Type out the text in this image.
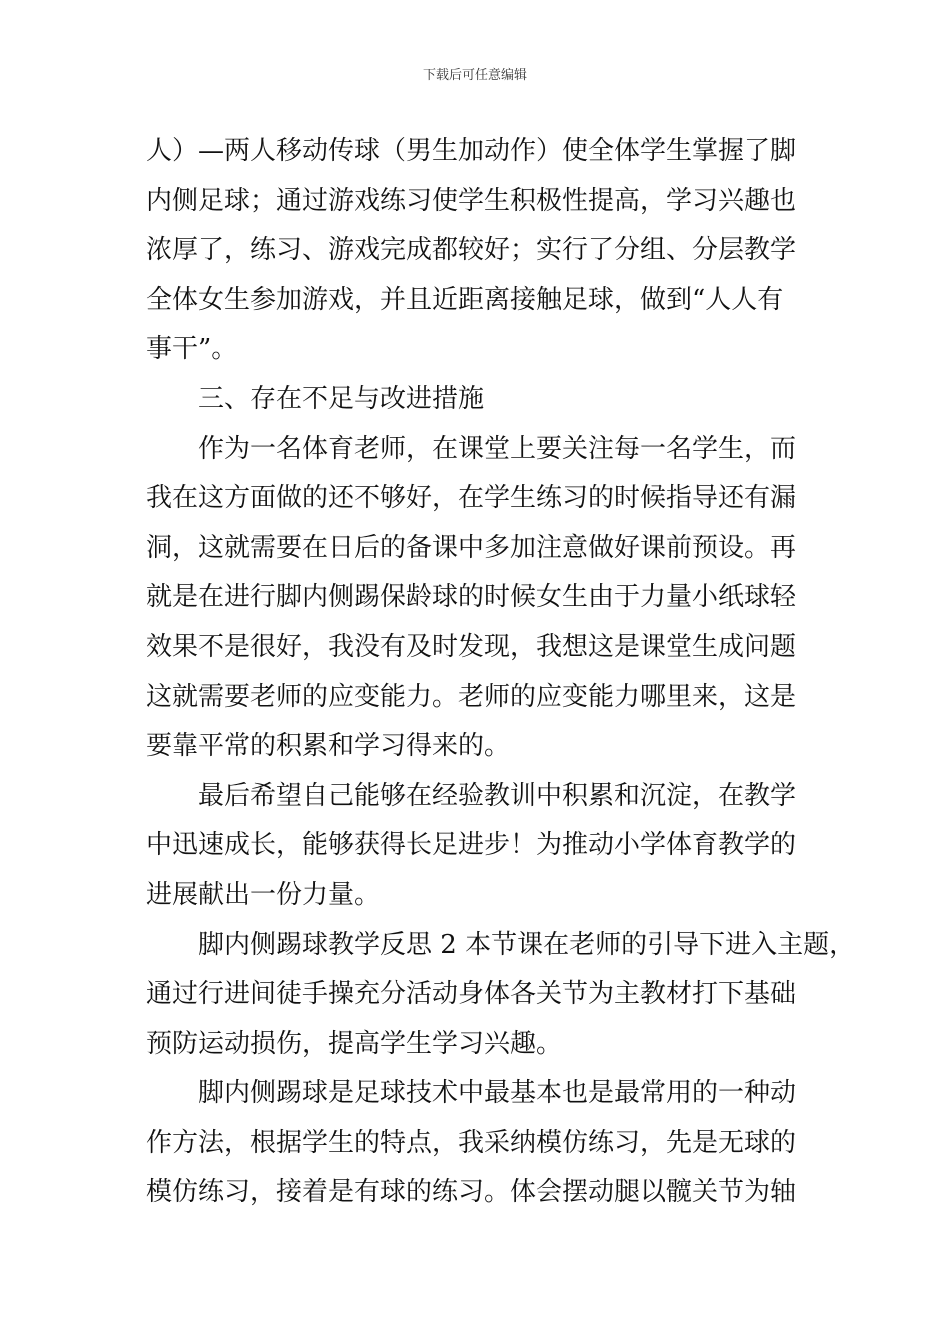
下载后可任意编辑

人）—两人移动传球（男生加动作）使全体学生掌握了脚
内侧足球；通过游戏练习使学生积极性提高，学习兴趣也
浓厚了，练习、游戏完成都较好；实行了分组、分层教学
全体女生参加游戏，并且近距离接触足球，做到“人人有
事干”。

三、存在不足与改进措施

作为一名体育老师，在课堂上要关注每一名学生，而
我在这方面做的还不够好，在学生练习的时候指导还有漏
洞，这就需要在日后的备课中多加注意做好课前预设。再
就是在进行脚内侧踢保龄球的时候女生由于力量小纸球轻
效果不是很好，我没有及时发现，我想这是课堂生成问题
这就需要老师的应变能力。老师的应变能力哪里来，这是
要靠平常的积累和学习得来的。

最后希望自己能够在经验教训中积累和沉淀，在教学
中迅速成长，能够获得长足进步！为推动小学体育教学的
进展献出一份力量。

脚内侧踢球教学反思 2 本节课在老师的引导下进入主题，
通过行进间徒手操充分活动身体各关节为主教材打下基础
预防运动损伤，提高学生学习兴趣。

脚内侧踢球是足球技术中最基本也是最常用的一种动
作方法，根据学生的特点，我采纳模仿练习，先是无球的
模仿练习，接着是有球的练习。体会摆动腿以髋关节为轴
